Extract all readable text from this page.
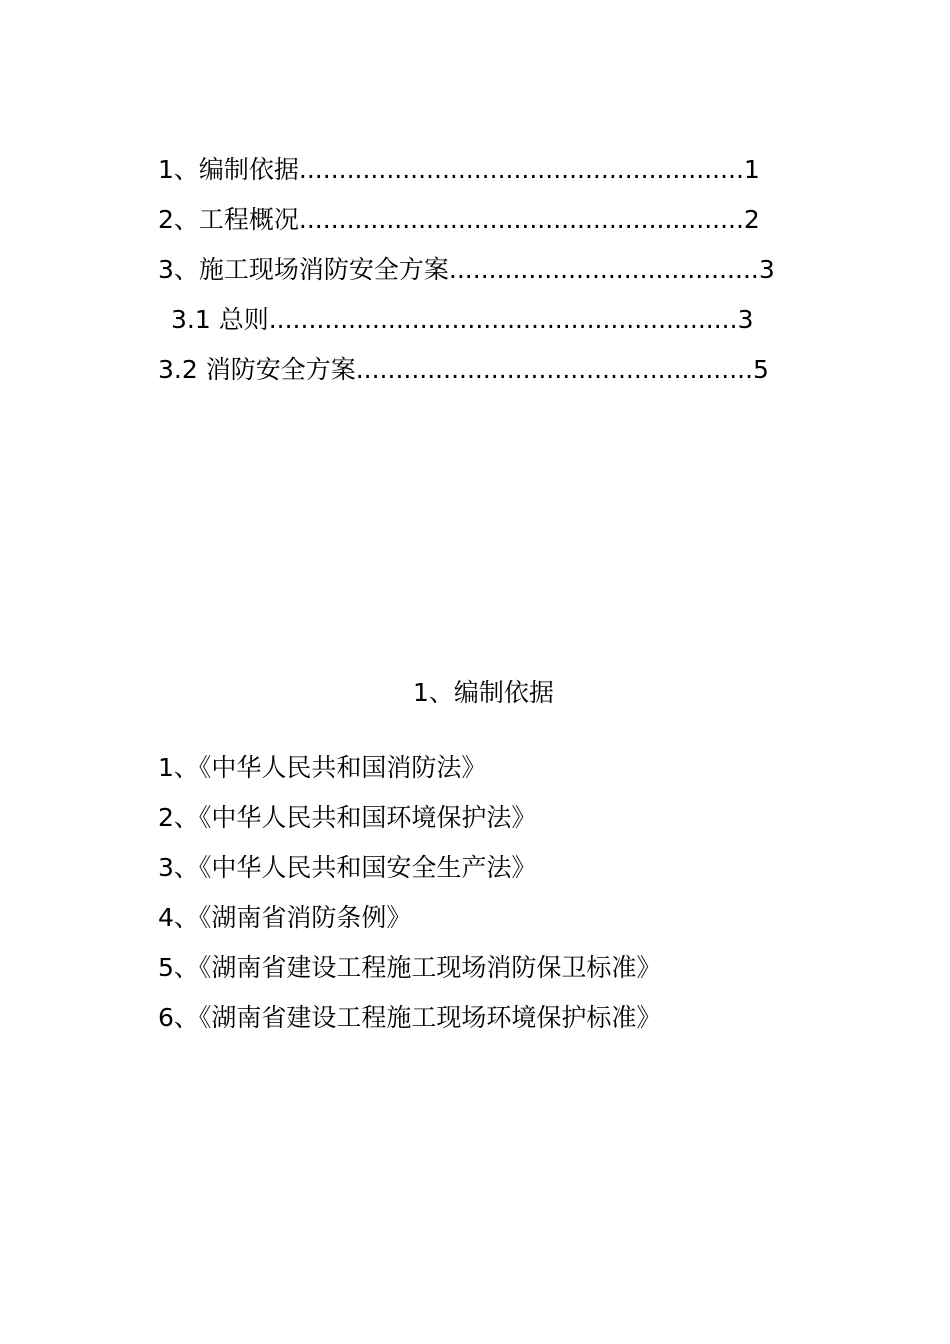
1、编制依据........................................................1
2、工程概况........................................................2
3、施工现场消防安全方案.......................................3
3.1 总则...........................................................3
3.2 消防安全方案..................................................5
1、编制依据
1、《中华人民共和国消防法》
2、《中华人民共和国环境保护法》
3、《中华人民共和国安全生产法》
4、《湖南省消防条例》
5、《湖南省建设工程施工现场消防保卫标准》
6、《湖南省建设工程施工现场环境保护标准》
